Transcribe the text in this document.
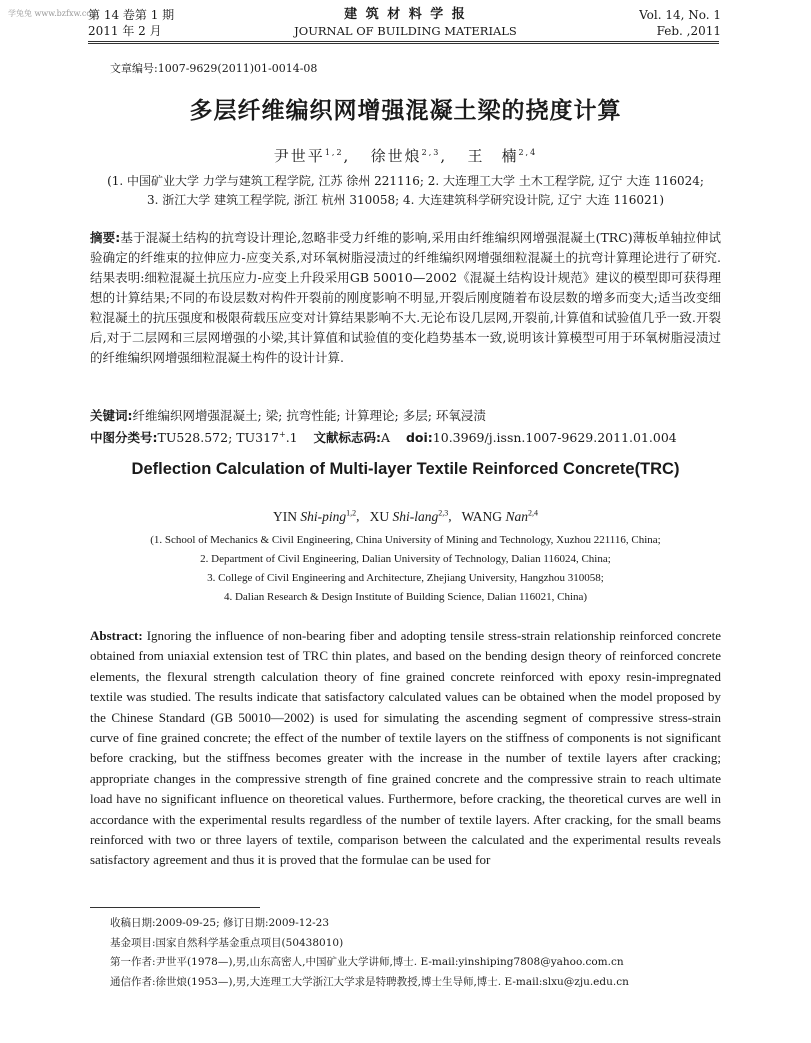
学兔兔 www.bzfxw.com
第 14 卷第 1 期
2011 年 2 月
建 筑 材 料 学 报
JOURNAL OF BUILDING MATERIALS
Vol. 14, No. 1
Feb. ,2011
文章编号:1007-9629(2011)01-0014-08
多层纤维编织网增强混凝土梁的挠度计算
尹世平$^{1,2}$,   徐世烺$^{2,3}$,   王　楠$^{2,4}$
(1. 中国矿业大学 力学与建筑工程学院, 江苏 徐州 221116; 2. 大连理工大学 土木工程学院, 辽宁 大连 116024;
3. 浙江大学 建筑工程学院, 浙江 杭州 310058; 4. 大连建筑科学研究设计院, 辽宁 大连 116021)
摘要:基于混凝土结构的抗弯设计理论,忽略非受力纤维的影响,采用由纤维编织网增强混凝土(TRC)薄板单轴拉伸试验确定的纤维束的拉伸应力-应变关系,对环氧树脂浸渍过的纤维编织网增强细粒混凝土的抗弯计算理论进行了研究.结果表明:细粒混凝土抗压应力-应变上升段采用GB 50010—2002《混凝土结构设计规范》建议的模型即可获得理想的计算结果;不同的布设层数对构件开裂前的刚度影响不明显,开裂后刚度随着布设层数的增多而变大;适当改变细粒混凝土的抗压强度和极限荷载压应变对计算结果影响不大.无论布设几层网,开裂前,计算值和试验值几乎一致.开裂后,对于二层网和三层网增强的小梁,其计算值和试验值的变化趋势基本一致,说明该计算模型可用于环氧树脂浸渍过的纤维编织网增强细粒混凝土构件的设计计算.
关键词:纤维编织网增强混凝土; 梁; 抗弯性能; 计算理论; 多层; 环氧浸渍
中图分类号:TU528.572; TU317+.1 文献标志码:A doi:10.3969/j.issn.1007-9629.2011.01.004
Deflection Calculation of Multi-layer Textile Reinforced Concrete(TRC)
YIN Shi-ping$^{1,2}$,   XU Shi-lang$^{2,3}$,   WANG Nan$^{2,4}$
(1. School of Mechanics & Civil Engineering, China University of Mining and Technology, Xuzhou 221116, China;
2. Department of Civil Engineering, Dalian University of Technology, Dalian 116024, China;
3. College of Civil Engineering and Architecture, Zhejiang University, Hangzhou 310058;
4. Dalian Research & Design Institute of Building Science, Dalian 116021, China)
Abstract: Ignoring the influence of non-bearing fiber and adopting tensile stress-strain relationship reinforced concrete obtained from uniaxial extension test of TRC thin plates, and based on the bending design theory of reinforced concrete elements, the flexural strength calculation theory of fine grained concrete reinforced with epoxy resin-impregnated textile was studied. The results indicate that satisfactory calculated values can be obtained when the model proposed by the Chinese Standard (GB 50010—2002) is used for simulating the ascending segment of compressive stress-strain curve of fine grained concrete; the effect of the number of textile layers on the stiffness of components is not significant before cracking, but the stiffness becomes greater with the increase in the number of textile layers after cracking; appropriate changes in the compressive strength of fine grained concrete and the compressive strain to reach ultimate load have no significant influence on theoretical values. Furthermore, before cracking, the theoretical curves are well in accordance with the experimental results regardless of the number of textile layers. After cracking, for the small beams reinforced with two or three layers of textile, comparison between the calculated and the experimental results reveals satisfactory agreement and thus it is proved that the formulae can be used for
收稿日期:2009-09-25; 修订日期:2009-12-23
基金项目:国家自然科学基金重点项目(50438010)
第一作者:尹世平(1978—),男,山东高密人,中国矿业大学讲师,博士. E-mail:yinshiping7808@yahoo.com.cn
通信作者:徐世烺(1953—),男,大连理工大学浙江大学求是特聘教授,博士生导师,博士. E-mail:slxu@zju.edu.cn
